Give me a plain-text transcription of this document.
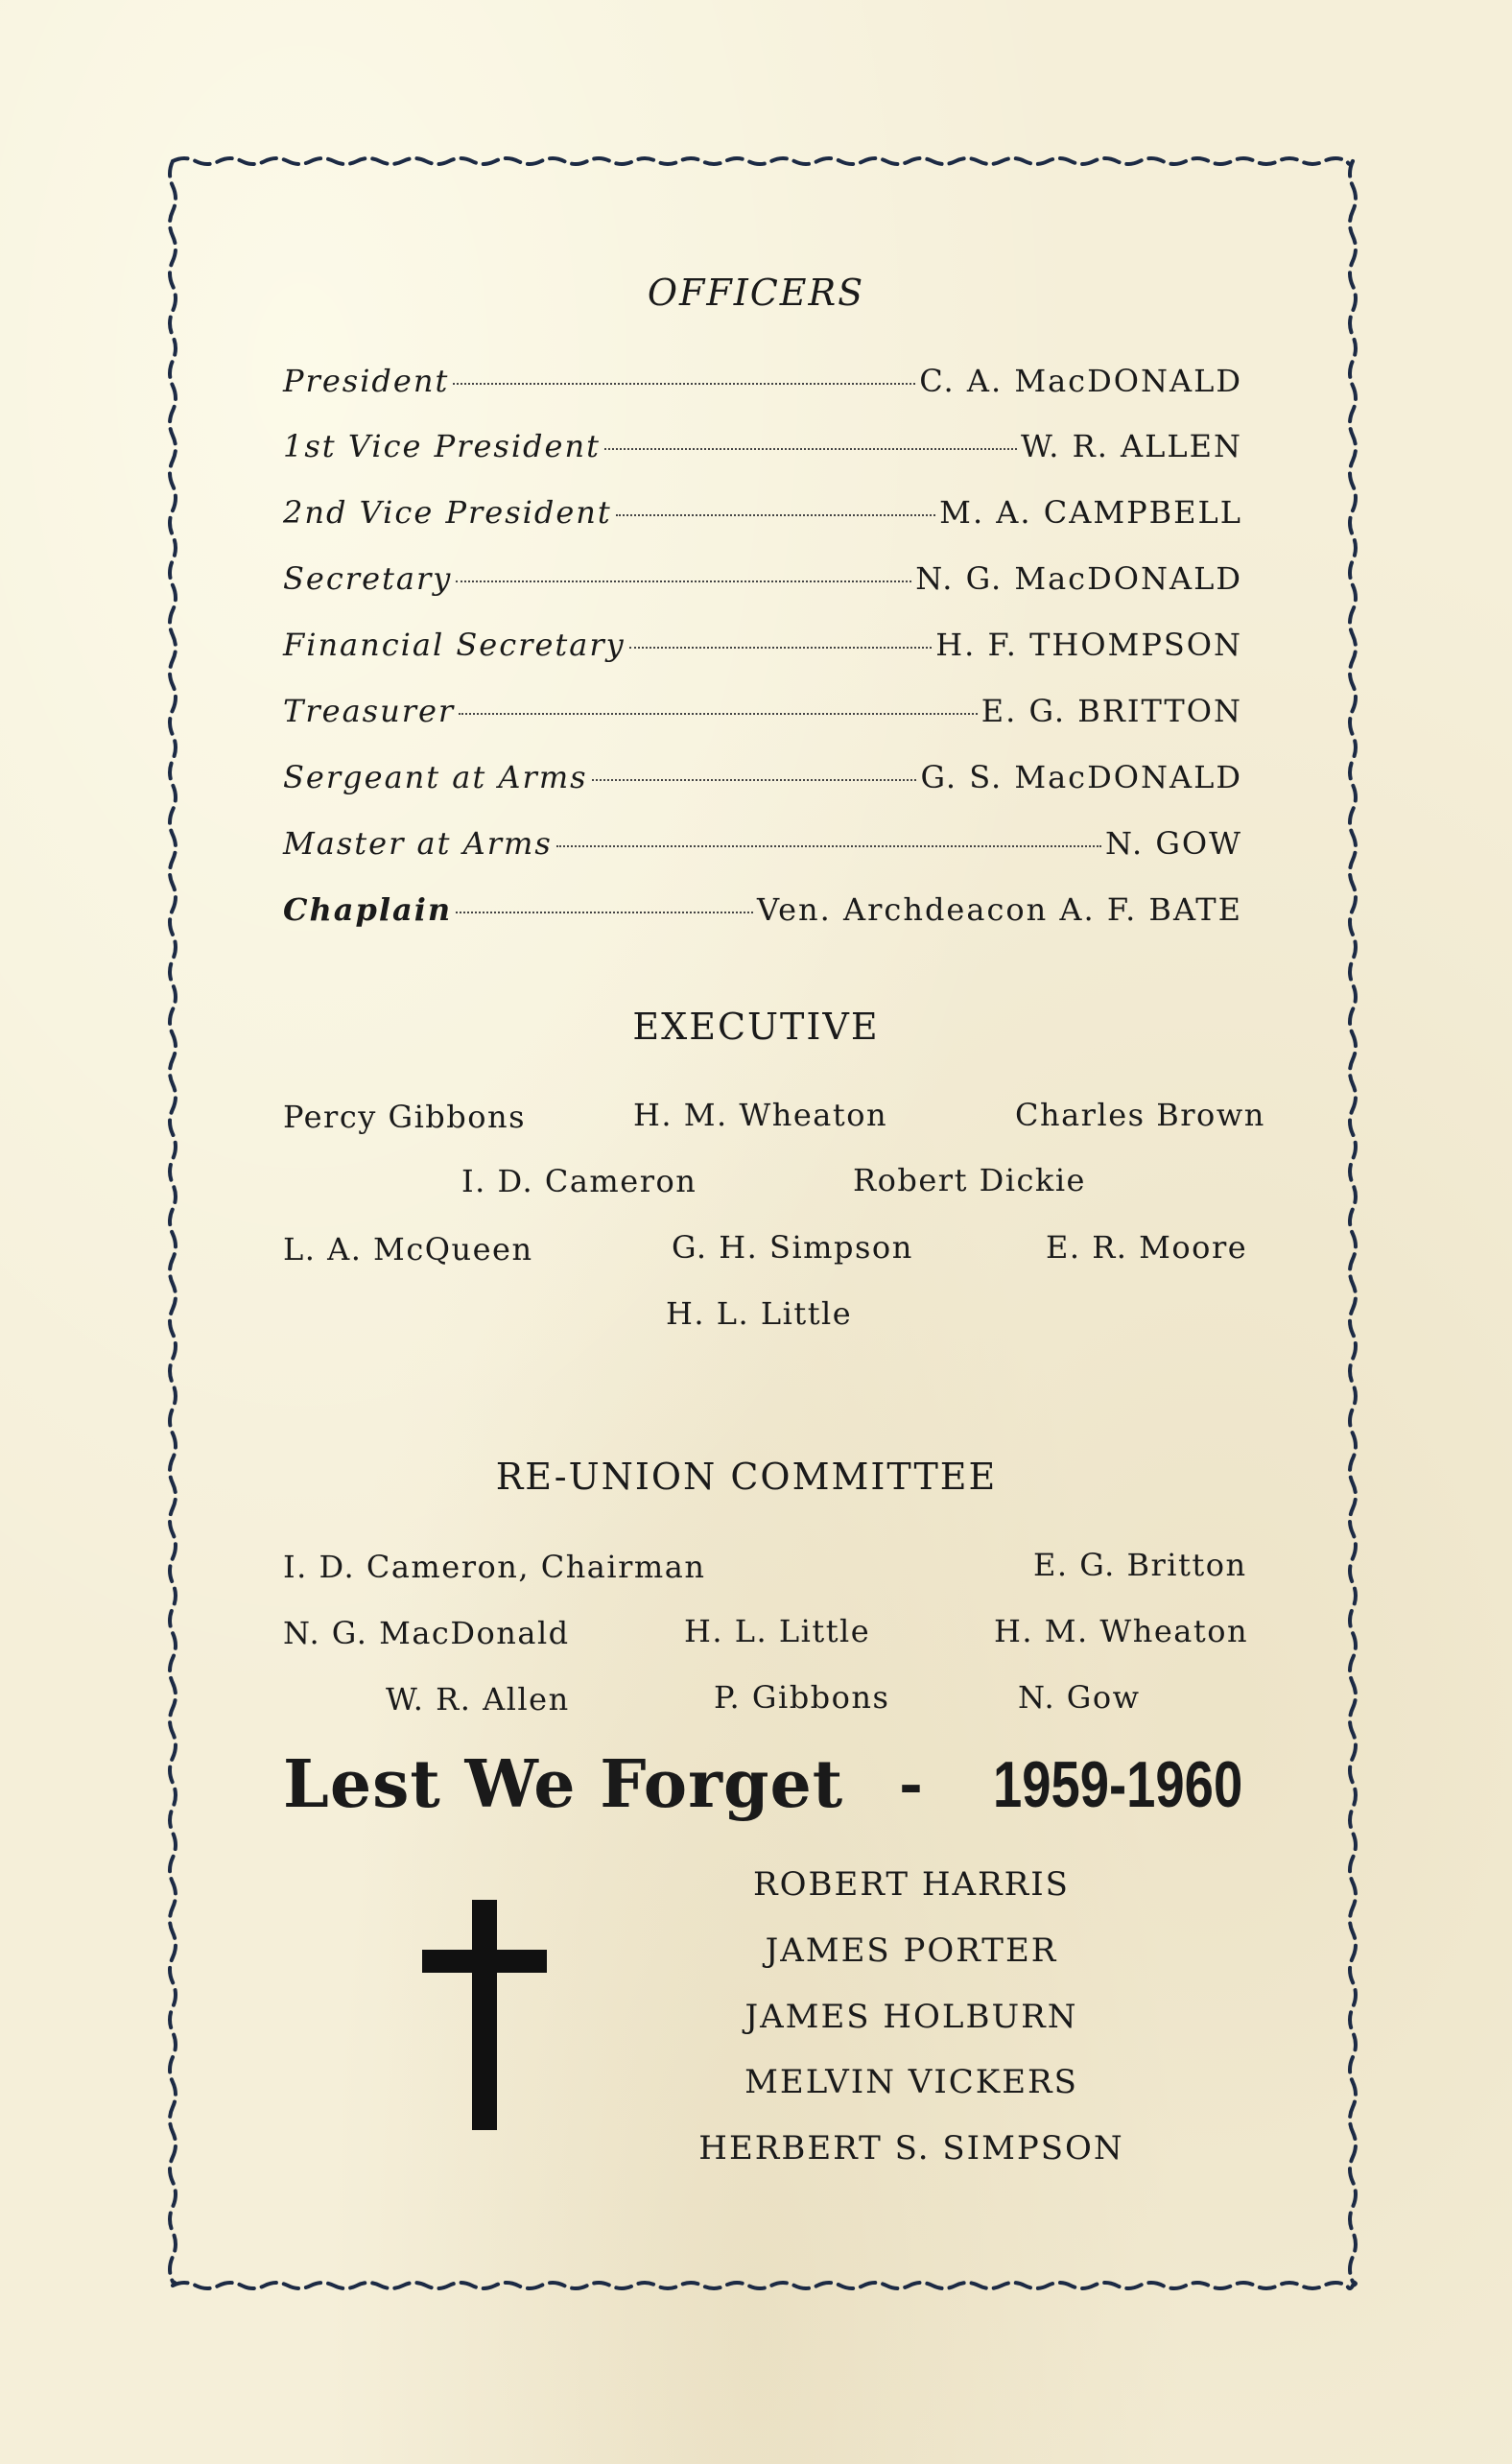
OFFICERS
President	C. A. MacDONALD
1st Vice President	W. R. ALLEN
2nd Vice President	M. A. CAMPBELL
Secretary	N. G. MacDONALD
Financial Secretary	H. F. THOMPSON
Treasurer	E. G. BRITTON
Sergeant at Arms	G. S. MacDONALD
Master at Arms	N. GOW
Chaplain	Ven. Archdeacon A. F. BATE
EXECUTIVE
Percy Gibbons	H. M. Wheaton	Charles Brown
I. D. Cameron	Robert Dickie
L. A. McQueen	G. H. Simpson	E. R. Moore
H. L. Little
RE-UNION COMMITTEE
I. D. Cameron, Chairman	E. G. Britton
N. G. MacDonald	H. L. Little	H. M. Wheaton
W. R. Allen	P. Gibbons	N. Gow
Lest We Forget - 1959-1960
ROBERT HARRIS
JAMES PORTER
JAMES HOLBURN
MELVIN VICKERS
HERBERT S. SIMPSON
